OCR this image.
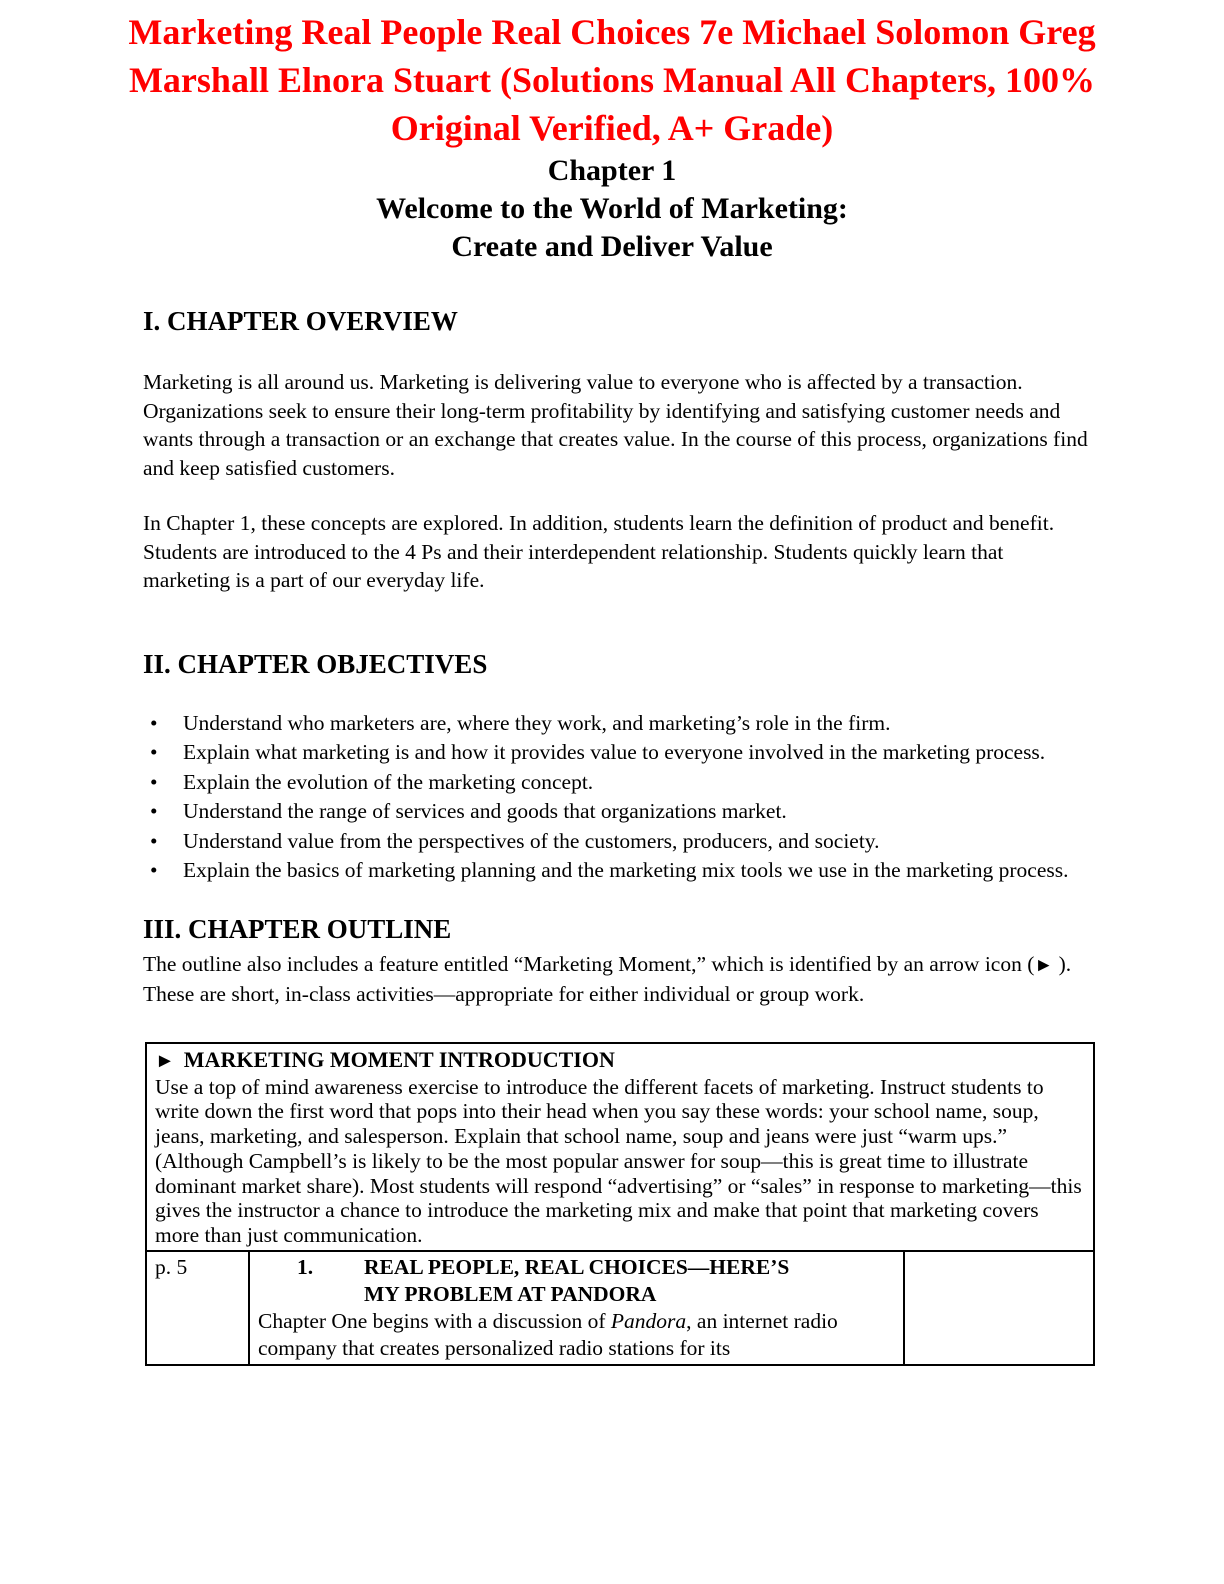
Marketing Real People Real Choices 7e Michael Solomon Greg
Marshall Elnora Stuart (Solutions Manual All Chapters, 100%
Original Verified, A+ Grade)
Chapter 1
Welcome to the World of Marketing:
Create and Deliver Value
I. CHAPTER OVERVIEW

Marketing is all around us. Marketing is delivering value to everyone who is affected by a transaction. Organizations seek to ensure their long-term profitability by identifying and satisfying customer needs and wants through a transaction or an exchange that creates value. In the course of this process, organizations find and keep satisfied customers.

In Chapter 1, these concepts are explored. In addition, students learn the definition of product and benefit. Students are introduced to the 4 Ps and their interdependent relationship. Students quickly learn that marketing is a part of our everyday life.

II. CHAPTER OBJECTIVES
• Understand who marketers are, where they work, and marketing’s role in the firm.
• Explain what marketing is and how it provides value to everyone involved in the marketing process.
• Explain the evolution of the marketing concept.
• Understand the range of services and goods that organizations market.
• Understand value from the perspectives of the customers, producers, and society.
• Explain the basics of marketing planning and the marketing mix tools we use in the marketing process.
III. CHAPTER OUTLINE

The outline also includes a feature entitled “Marketing Moment,” which is identified by an arrow icon (► ). These are short, in-class activities—appropriate for either individual or group work.

► MARKETING MOMENT INTRODUCTION

Use a top of mind awareness exercise to introduce the different facets of marketing. Instruct students to write down the first word that pops into their head when you say these words: your school name, soup, jeans, marketing, and salesperson. Explain that school name, soup and jeans were just “warm ups.” (Although Campbell’s is likely to be the most popular answer for soup—this is great time to illustrate dominant market share). Most students will respond “advertising” or “sales” in response to marketing—this gives the instructor a chance to introduce the marketing mix and make that point that marketing covers more than just communication.

p. 5	1. REAL PEOPLE, REAL CHOICES—HERE’S
MY PROBLEM AT PANDORA

Chapter One begins with a discussion of Pandora, an internet radio company that creates personalized radio stations for its
